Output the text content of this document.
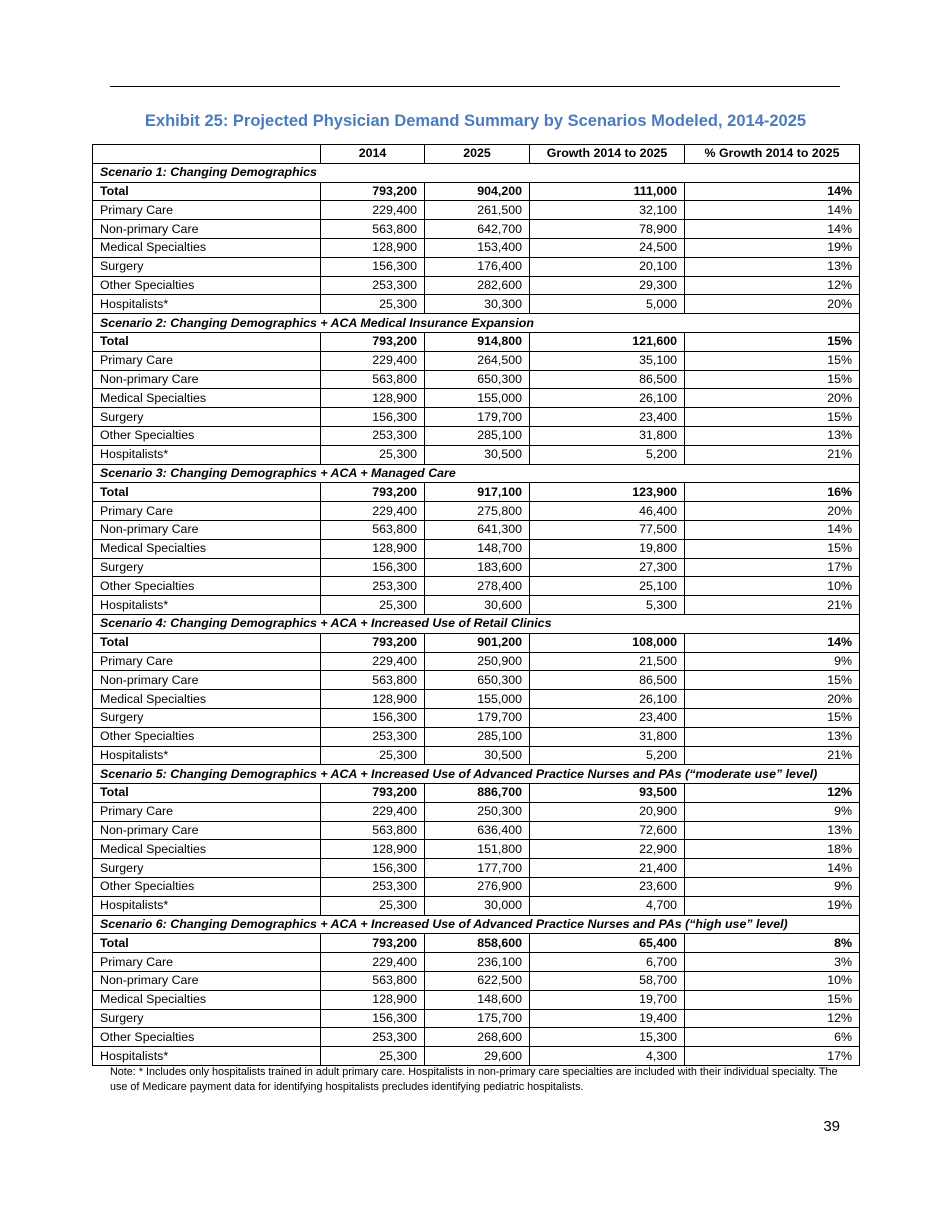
Exhibit 25: Projected Physician Demand Summary by Scenarios Modeled, 2014-2025
	2014	2025	Growth 2014 to 2025	% Growth 2014 to 2025
Scenario 1: Changing Demographics				
Total	793,200	904,200	111,000	14%
Primary Care	229,400	261,500	32,100	14%
Non-primary Care	563,800	642,700	78,900	14%
Medical Specialties	128,900	153,400	24,500	19%
Surgery	156,300	176,400	20,100	13%
Other Specialties	253,300	282,600	29,300	12%
Hospitalists*	25,300	30,300	5,000	20%
Scenario 2: Changing Demographics + ACA Medical Insurance Expansion				
Total	793,200	914,800	121,600	15%
Primary Care	229,400	264,500	35,100	15%
Non-primary Care	563,800	650,300	86,500	15%
Medical Specialties	128,900	155,000	26,100	20%
Surgery	156,300	179,700	23,400	15%
Other Specialties	253,300	285,100	31,800	13%
Hospitalists*	25,300	30,500	5,200	21%
Scenario 3: Changing Demographics + ACA + Managed Care				
Total	793,200	917,100	123,900	16%
Primary Care	229,400	275,800	46,400	20%
Non-primary Care	563,800	641,300	77,500	14%
Medical Specialties	128,900	148,700	19,800	15%
Surgery	156,300	183,600	27,300	17%
Other Specialties	253,300	278,400	25,100	10%
Hospitalists*	25,300	30,600	5,300	21%
Scenario 4: Changing Demographics + ACA + Increased Use of Retail Clinics				
Total	793,200	901,200	108,000	14%
Primary Care	229,400	250,900	21,500	9%
Non-primary Care	563,800	650,300	86,500	15%
Medical Specialties	128,900	155,000	26,100	20%
Surgery	156,300	179,700	23,400	15%
Other Specialties	253,300	285,100	31,800	13%
Hospitalists*	25,300	30,500	5,200	21%
Scenario 5: Changing Demographics + ACA + Increased Use of Advanced Practice Nurses and PAs (“moderate use” level)				
Total	793,200	886,700	93,500	12%
Primary Care	229,400	250,300	20,900	9%
Non-primary Care	563,800	636,400	72,600	13%
Medical Specialties	128,900	151,800	22,900	18%
Surgery	156,300	177,700	21,400	14%
Other Specialties	253,300	276,900	23,600	9%
Hospitalists*	25,300	30,000	4,700	19%
Scenario 6: Changing Demographics + ACA + Increased Use of Advanced Practice Nurses and PAs (“high use” level)				
Total	793,200	858,600	65,400	8%
Primary Care	229,400	236,100	6,700	3%
Non-primary Care	563,800	622,500	58,700	10%
Medical Specialties	128,900	148,600	19,700	15%
Surgery	156,300	175,700	19,400	12%
Other Specialties	253,300	268,600	15,300	6%
Hospitalists*	25,300	29,600	4,300	17%
Note: * Includes only hospitalists trained in adult primary care. Hospitalists in non-primary care specialties are included with their individual specialty. The use of Medicare payment data for identifying hospitalists precludes identifying pediatric hospitalists.
39
